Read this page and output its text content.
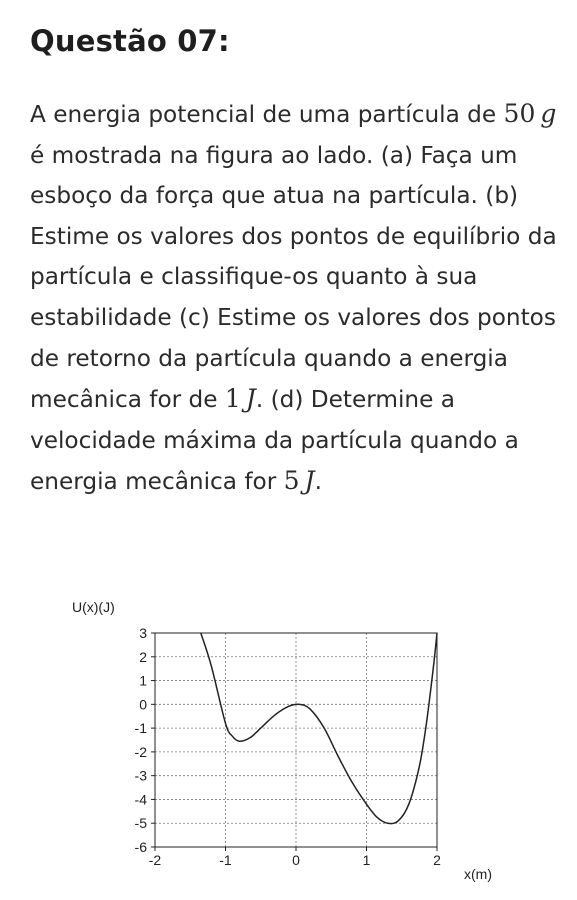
Questão 07:

A energia potencial de uma partícula de 50  g é mostrada na figura ao lado. (a) Faça um esboço da força que atua na partícula. (b) Estime os valores dos pontos de equilíbrio da partícula e classifique-os quanto à sua estabilidade (c) Estime os valores dos pontos de retorno da partícula quando a energia mecânica for de 1  J. (d) Determine a velocidade máxima da partícula quando a energia mecânica for 5  J.

U(x)(J)
x(m)
3
2
1
0
-1
-2
-3
-4
-5
-6
-2	-1	0	1	2
